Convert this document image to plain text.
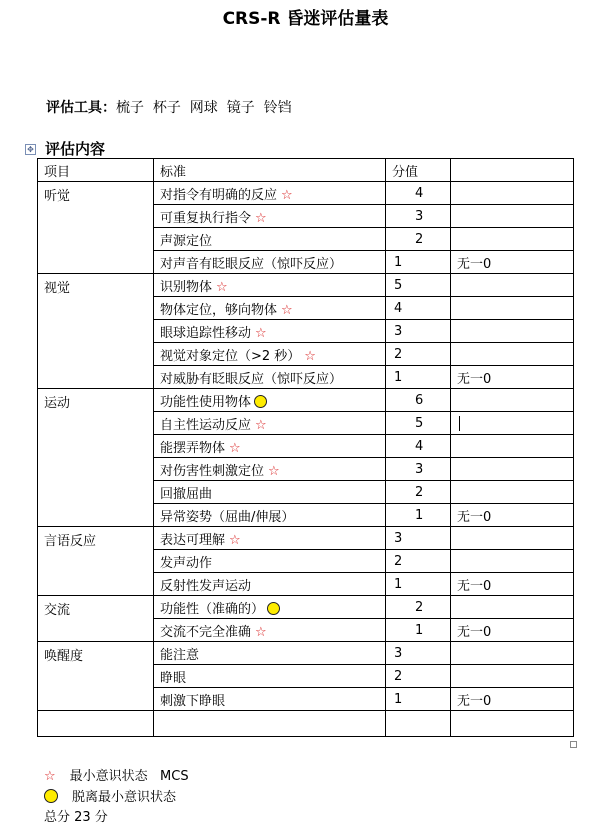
CRS-R 昏迷评估量表
评估工具：梳子  杯子  网球  镜子  铃铛
✥ 评估内容
项目	标准	分值	
听觉	对指令有明确的反应 ☆	4	
	可重复执行指令 ☆	3	
	声源定位	2	
	对声音有眨眼反应（惊吓反应）	1	无一0
视觉	识别物体 ☆	5	
	物体定位，够向物体 ☆	4	
	眼球追踪性移动 ☆	3	
	视觉对象定位（>2 秒） ☆	2	
	对威胁有眨眼反应（惊吓反应）	1	无一0
运动	功能性使用物体	6	
	自主性运动反应 ☆	5	
	能摆弄物体 ☆	4	
	对伤害性刺激定位 ☆	3	
	回撤屈曲	2	
	异常姿势（屈曲/伸展）	1	无一0
言语反应	表达可理解 ☆	3	
	发声动作	2	
	反射性发声运动	1	无一0
交流	功能性（准确的）	2	
	交流不完全准确 ☆	1	无一0
唤醒度	能注意	3	
	睁眼	2	
	刺激下睁眼	1	无一0

☆ 最小意识状态   MCS
脱离最小意识状态
总分 23 分
